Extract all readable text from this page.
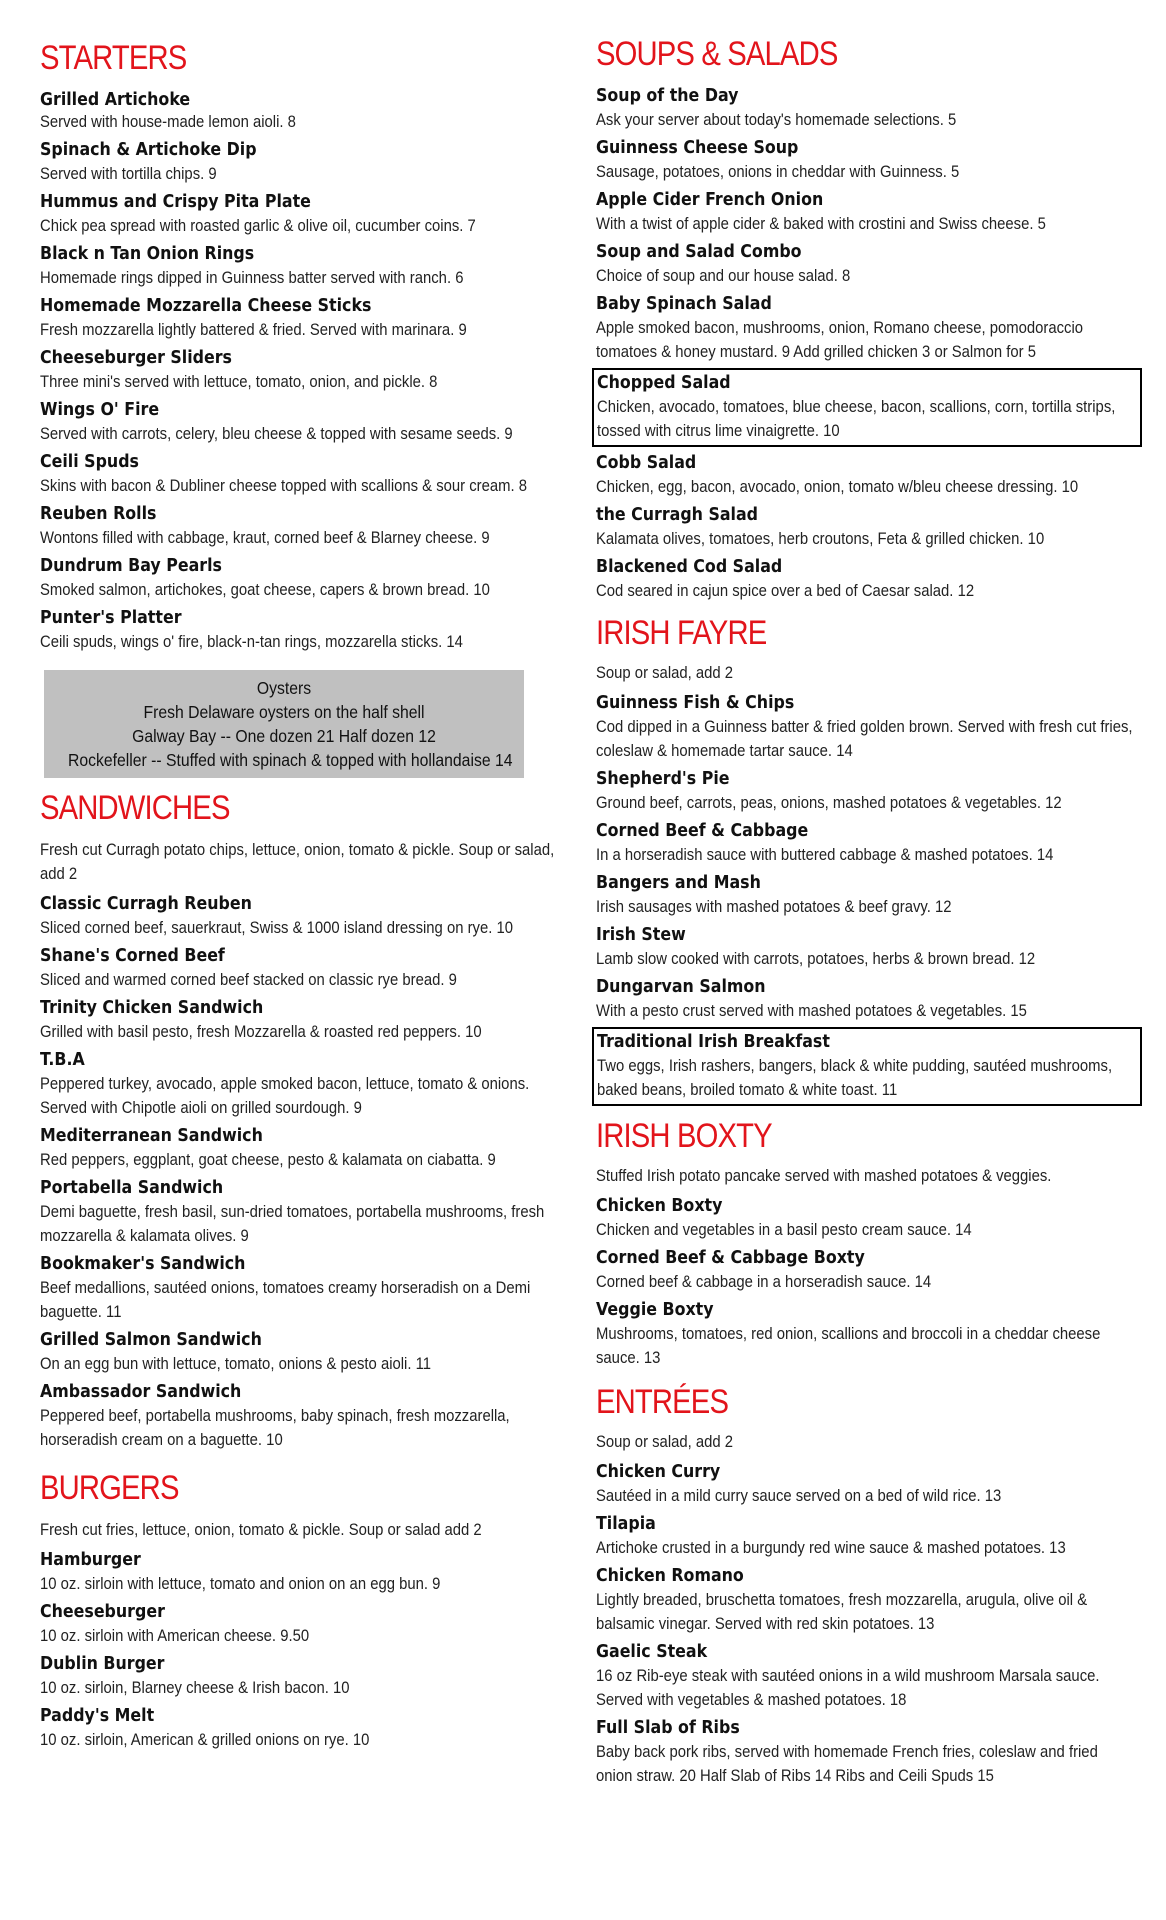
STARTERS
Grilled Artichoke
Served with house-made lemon aioli. 8
Spinach & Artichoke Dip
Served with tortilla chips. 9
Hummus and Crispy Pita Plate
Chick pea spread with roasted garlic & olive oil, cucumber coins. 7
Black n Tan Onion Rings
Homemade rings dipped in Guinness batter served with ranch. 6
Homemade Mozzarella Cheese Sticks
Fresh mozzarella lightly battered & fried. Served with marinara. 9
Cheeseburger Sliders
Three mini's served with lettuce, tomato, onion, and pickle. 8
Wings O' Fire
Served with carrots, celery, bleu cheese & topped with sesame seeds. 9
Ceili Spuds
Skins with bacon & Dubliner cheese topped with scallions & sour cream. 8
Reuben Rolls
Wontons filled with cabbage, kraut, corned beef & Blarney cheese. 9
Dundrum Bay Pearls
Smoked salmon, artichokes, goat cheese, capers & brown bread. 10
Punter's Platter
Ceili spuds, wings o' fire, black-n-tan rings, mozzarella sticks. 14
Oysters
Fresh Delaware oysters on the half shell
Galway Bay -- One dozen 21 Half dozen 12
Rockefeller -- Stuffed with spinach & topped with hollandaise 14
SANDWICHES
Fresh cut Curragh potato chips, lettuce, onion, tomato & pickle. Soup or salad, add 2
Classic Curragh Reuben
Sliced corned beef, sauerkraut, Swiss & 1000 island dressing on rye. 10
Shane's Corned Beef
Sliced and warmed corned beef stacked on classic rye bread. 9
Trinity Chicken Sandwich
Grilled with basil pesto, fresh Mozzarella & roasted red peppers. 10
T.B.A
Peppered turkey, avocado, apple smoked bacon, lettuce, tomato & onions. Served with Chipotle aioli on grilled sourdough. 9
Mediterranean Sandwich
Red peppers, eggplant, goat cheese, pesto & kalamata on ciabatta. 9
Portabella Sandwich
Demi baguette, fresh basil, sun-dried tomatoes, portabella mushrooms, fresh mozzarella & kalamata olives. 9
Bookmaker's Sandwich
Beef medallions, sautéed onions, tomatoes creamy horseradish on a Demi baguette. 11
Grilled Salmon Sandwich
On an egg bun with lettuce, tomato, onions & pesto aioli. 11
Ambassador Sandwich
Peppered beef, portabella mushrooms, baby spinach, fresh mozzarella, horseradish cream on a baguette. 10
BURGERS
Fresh cut fries, lettuce, onion, tomato & pickle. Soup or salad add 2
Hamburger
10 oz. sirloin with lettuce, tomato and onion on an egg bun. 9
Cheeseburger
10 oz. sirloin with American cheese. 9.50
Dublin Burger
10 oz. sirloin, Blarney cheese & Irish bacon. 10
Paddy's Melt
10 oz. sirloin, American & grilled onions on rye. 10
SOUPS & SALADS
Soup of the Day
Ask your server about today's homemade selections. 5
Guinness Cheese Soup
Sausage, potatoes, onions in cheddar with Guinness. 5
Apple Cider French Onion
With a twist of apple cider & baked with crostini and Swiss cheese. 5
Soup and Salad Combo
Choice of soup and our house salad. 8
Baby Spinach Salad
Apple smoked bacon, mushrooms, onion, Romano cheese, pomodoraccio tomatoes & honey mustard. 9 Add grilled chicken 3 or Salmon for 5
Chopped Salad
Chicken, avocado, tomatoes, blue cheese, bacon, scallions, corn, tortilla strips, tossed with citrus lime vinaigrette. 10
Cobb Salad
Chicken, egg, bacon, avocado, onion, tomato w/bleu cheese dressing. 10
the Curragh Salad
Kalamata olives, tomatoes, herb croutons, Feta & grilled chicken. 10
Blackened Cod Salad
Cod seared in cajun spice over a bed of Caesar salad. 12
IRISH FAYRE
Soup or salad, add 2
Guinness Fish & Chips
Cod dipped in a Guinness batter & fried golden brown. Served with fresh cut fries, coleslaw & homemade tartar sauce. 14
Shepherd's Pie
Ground beef, carrots, peas, onions, mashed potatoes & vegetables. 12
Corned Beef & Cabbage
In a horseradish sauce with buttered cabbage & mashed potatoes. 14
Bangers and Mash
Irish sausages with mashed potatoes & beef gravy. 12
Irish Stew
Lamb slow cooked with carrots, potatoes, herbs & brown bread. 12
Dungarvan Salmon
With a pesto crust served with mashed potatoes & vegetables. 15
Traditional Irish Breakfast
Two eggs, Irish rashers, bangers, black & white pudding, sautéed mushrooms, baked beans, broiled tomato & white toast. 11
IRISH BOXTY
Stuffed Irish potato pancake served with mashed potatoes & veggies.
Chicken Boxty
Chicken and vegetables in a basil pesto cream sauce. 14
Corned Beef & Cabbage Boxty
Corned beef & cabbage in a horseradish sauce. 14
Veggie Boxty
Mushrooms, tomatoes, red onion, scallions and broccoli in a cheddar cheese sauce. 13
ENTRÉES
Soup or salad, add 2
Chicken Curry
Sautéed in a mild curry sauce served on a bed of wild rice. 13
Tilapia
Artichoke crusted in a burgundy red wine sauce & mashed potatoes. 13
Chicken Romano
Lightly breaded, bruschetta tomatoes, fresh mozzarella, arugula, olive oil & balsamic vinegar. Served with red skin potatoes. 13
Gaelic Steak
16 oz Rib-eye steak with sautéed onions in a wild mushroom Marsala sauce. Served with vegetables & mashed potatoes. 18
Full Slab of Ribs
Baby back pork ribs, served with homemade French fries, coleslaw and fried onion straw. 20 Half Slab of Ribs 14 Ribs and Ceili Spuds 15
